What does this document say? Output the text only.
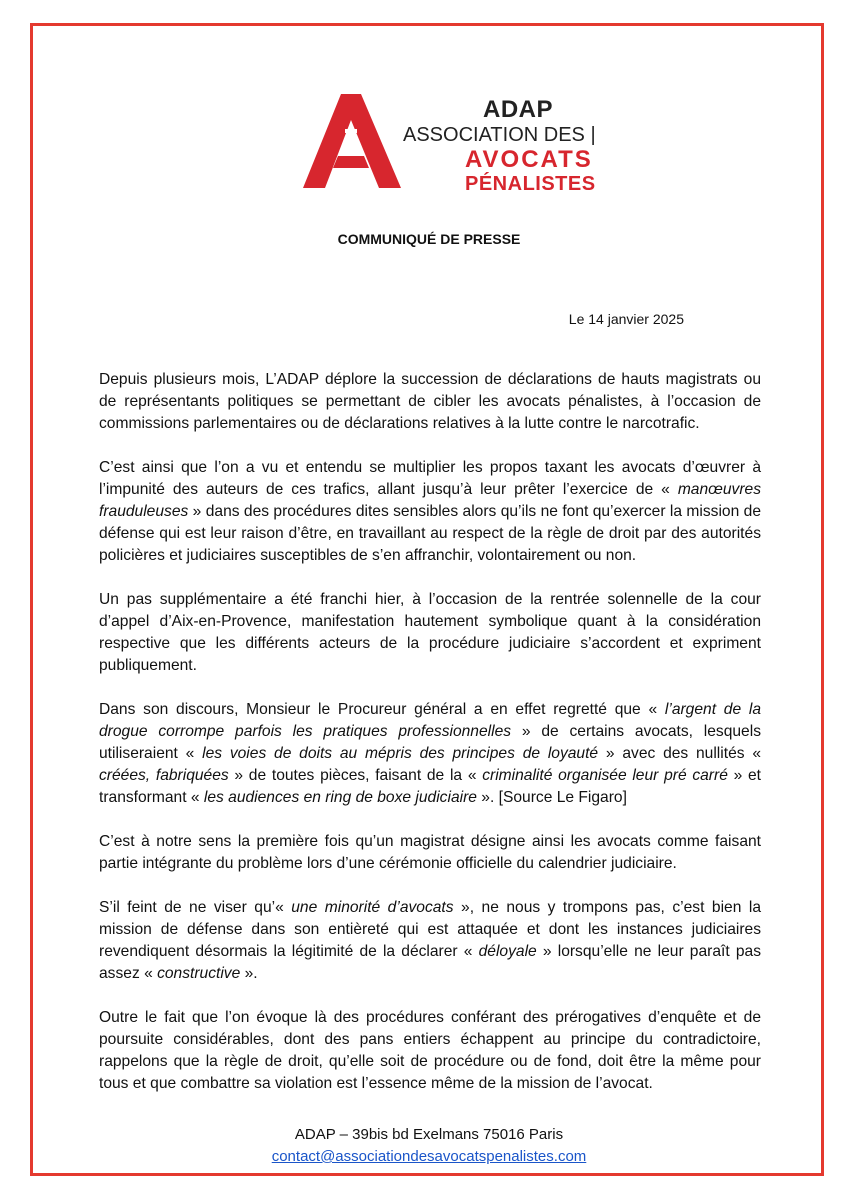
ADAP
ASSOCIATION DES |
AVOCATS
PÉNALISTES
COMMUNIQUÉ DE PRESSE
Le 14 janvier 2025

Depuis plusieurs mois, L’ADAP déplore la succession de déclarations de hauts magistrats ou de représentants politiques se permettant de cibler les avocats pénalistes, à l’occasion de commissions parlementaires ou de déclarations relatives à la lutte contre le narcotrafic.

C’est ainsi que l’on a vu et entendu se multiplier les propos taxant les avocats d’œuvrer à l’impunité des auteurs de ces trafics, allant jusqu’à leur prêter l’exercice de « manœuvres frauduleuses » dans des procédures dites sensibles alors qu’ils ne font qu’exercer la mission de défense qui est leur raison d’être, en travaillant au respect de la règle de droit par des autorités policières et judiciaires susceptibles de s’en affranchir, volontairement ou non.

Un pas supplémentaire a été franchi hier, à l’occasion de la rentrée solennelle de la cour d’appel d’Aix-en-Provence, manifestation hautement symbolique quant à la considération respective que les différents acteurs de la procédure judiciaire s’accordent et expriment publiquement.

Dans son discours, Monsieur le Procureur général a en effet regretté que « l’argent de la drogue corrompe parfois les pratiques professionnelles » de certains avocats, lesquels utiliseraient « les voies de doits au mépris des principes de loyauté » avec des nullités « créées, fabriquées » de toutes pièces, faisant de la « criminalité organisée leur pré carré » et transformant « les audiences en ring de boxe judiciaire ». [Source Le Figaro]

C’est à notre sens la première fois qu’un magistrat désigne ainsi les avocats comme faisant partie intégrante du problème lors d’une cérémonie officielle du calendrier judiciaire.

S’il feint de ne viser qu’« une minorité d’avocats », ne nous y trompons pas, c’est bien la mission de défense dans son entièreté qui est attaquée et dont les instances judiciaires revendiquent désormais la légitimité de la déclarer « déloyale » lorsqu’elle ne leur paraît pas assez « constructive ».

Outre le fait que l’on évoque là des procédures conférant des prérogatives d’enquête et de poursuite considérables, dont des pans entiers échappent au principe du contradictoire, rappelons que la règle de droit, qu’elle soit de procédure ou de fond, doit être la même pour tous et que combattre sa violation est l’essence même de la mission de l’avocat.

ADAP – 39bis bd Exelmans 75016 Paris
contact@associationdesavocatspenalistes.com
